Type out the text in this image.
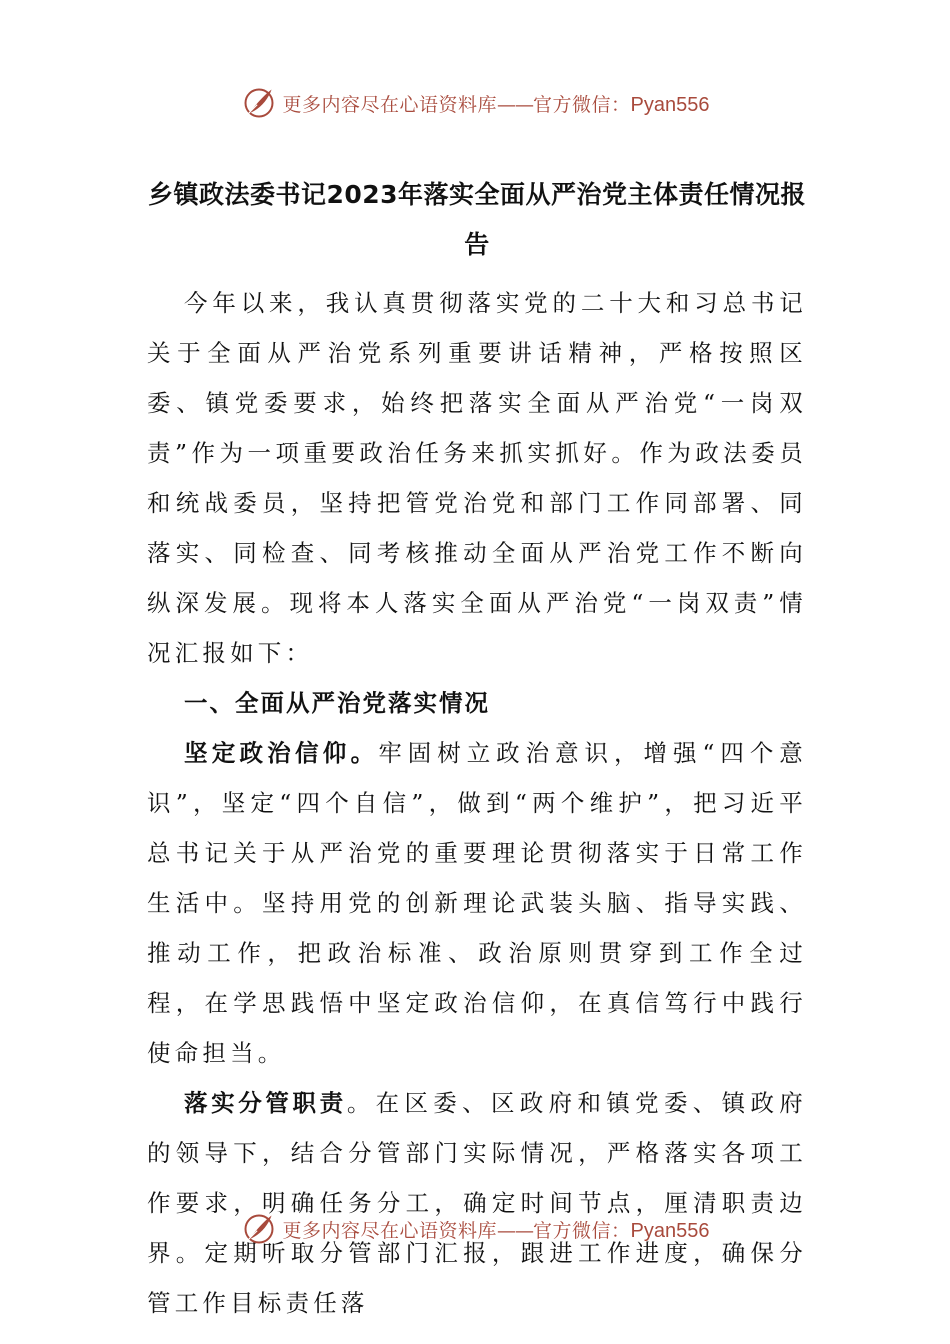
更多内容尽在心语资料库——官方微信：Pyan556
乡镇政法委书记2023年落实全面从严治党主体责任情况报告

今年以来，我认真贯彻落实党的二十大和习总书记关于全面从严治党系列重要讲话精神，严格按照区委、镇党委要求，始终把落实全面从严治党“一岗双责”作为一项重要政治任务来抓实抓好。作为政法委员和统战委员，坚持把管党治党和部门工作同部署、同落实、同检查、同考核推动全面从严治党工作不断向纵深发展。现将本人落实全面从严治党“一岗双责”情况汇报如下：

一、全面从严治党落实情况

坚定政治信仰。牢固树立政治意识，增强“四个意识”，坚定“四个自信”，做到“两个维护”，把习近平总书记关于从严治党的重要理论贯彻落实于日常工作生活中。坚持用党的创新理论武装头脑、指导实践、推动工作，把政治标准、政治原则贯穿到工作全过程，在学思践悟中坚定政治信仰，在真信笃行中践行使命担当。

落实分管职责。在区委、区政府和镇党委、镇政府的领导下，结合分管部门实际情况，严格落实各项工作要求，明确任务分工，确定时间节点，厘清职责边界。定期听取分管部门汇报，跟进工作进度，确保分管工作目标责任落

更多内容尽在心语资料库——官方微信：Pyan556
